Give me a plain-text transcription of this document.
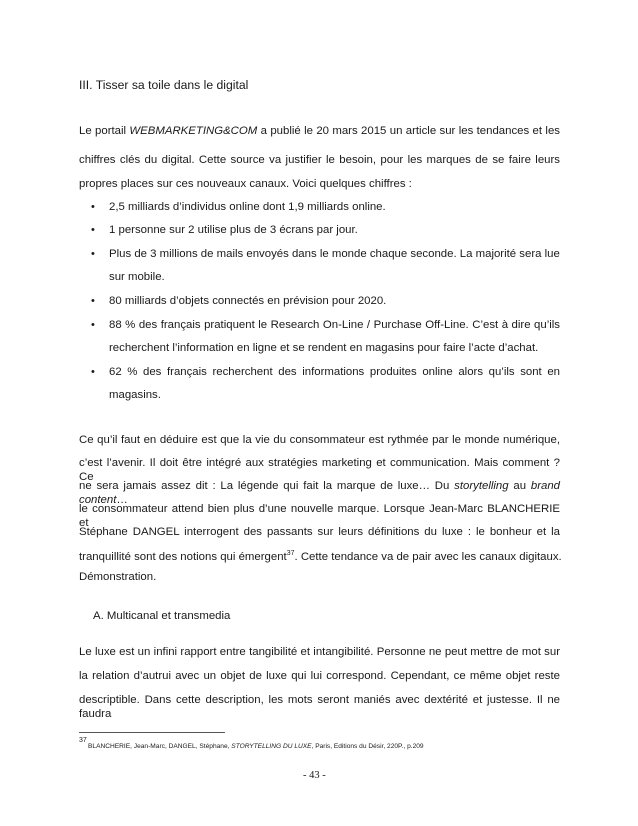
III. Tisser sa toile dans le digital
Le portail WEBMARKETING&COM a publié le 20 mars 2015 un article sur les tendances et les
chiffres clés du digital. Cette source va justifier le besoin, pour les marques de se faire leurs
propres places sur ces nouveaux canaux. Voici quelques chiffres :
• 2,5 milliards d’individus online dont 1,9 milliards online.
• 1 personne sur 2 utilise plus de 3 écrans par jour.
• Plus de 3 millions de mails envoyés dans le monde chaque seconde. La majorité sera lue
sur mobile.
• 80 milliards d’objets connectés en prévision pour 2020.
• 88 % des français pratiquent le Research On-Line / Purchase Off-Line. C’est à dire qu’ils
recherchent l’information en ligne et se rendent en magasins pour faire l’acte d’achat.
• 62 % des français recherchent des informations produites online alors qu’ils sont en
magasins.
Ce qu’il faut en déduire est que la vie du consommateur est rythmée par le monde numérique,
c’est l’avenir. Il doit être intégré aux stratégies marketing et communication. Mais comment ? Ce
ne sera jamais assez dit : La légende qui fait la marque de luxe… Du storytelling au brand content…
le consommateur attend bien plus d’une nouvelle marque. Lorsque Jean-Marc BLANCHERIE et
Stéphane DANGEL interrogent des passants sur leurs définitions du luxe : le bonheur et la
tranquillité sont des notions qui émergent$^{37}$. Cette tendance va de pair avec les canaux digitaux.
Démonstration.
A. Multicanal et transmedia
Le luxe est un infini rapport entre tangibilité et intangibilité. Personne ne peut mettre de mot sur
la relation d’autrui avec un objet de luxe qui lui correspond. Cependant, ce même objet reste
descriptible. Dans cette description, les mots seront maniés avec dextérité et justesse. Il ne faudra
37
BLANCHERIE, Jean-Marc, DANGEL, Stéphane, STORYTELLING DU LUXE, Paris, Editions du Désir, 220P., p.209
- 43 -
